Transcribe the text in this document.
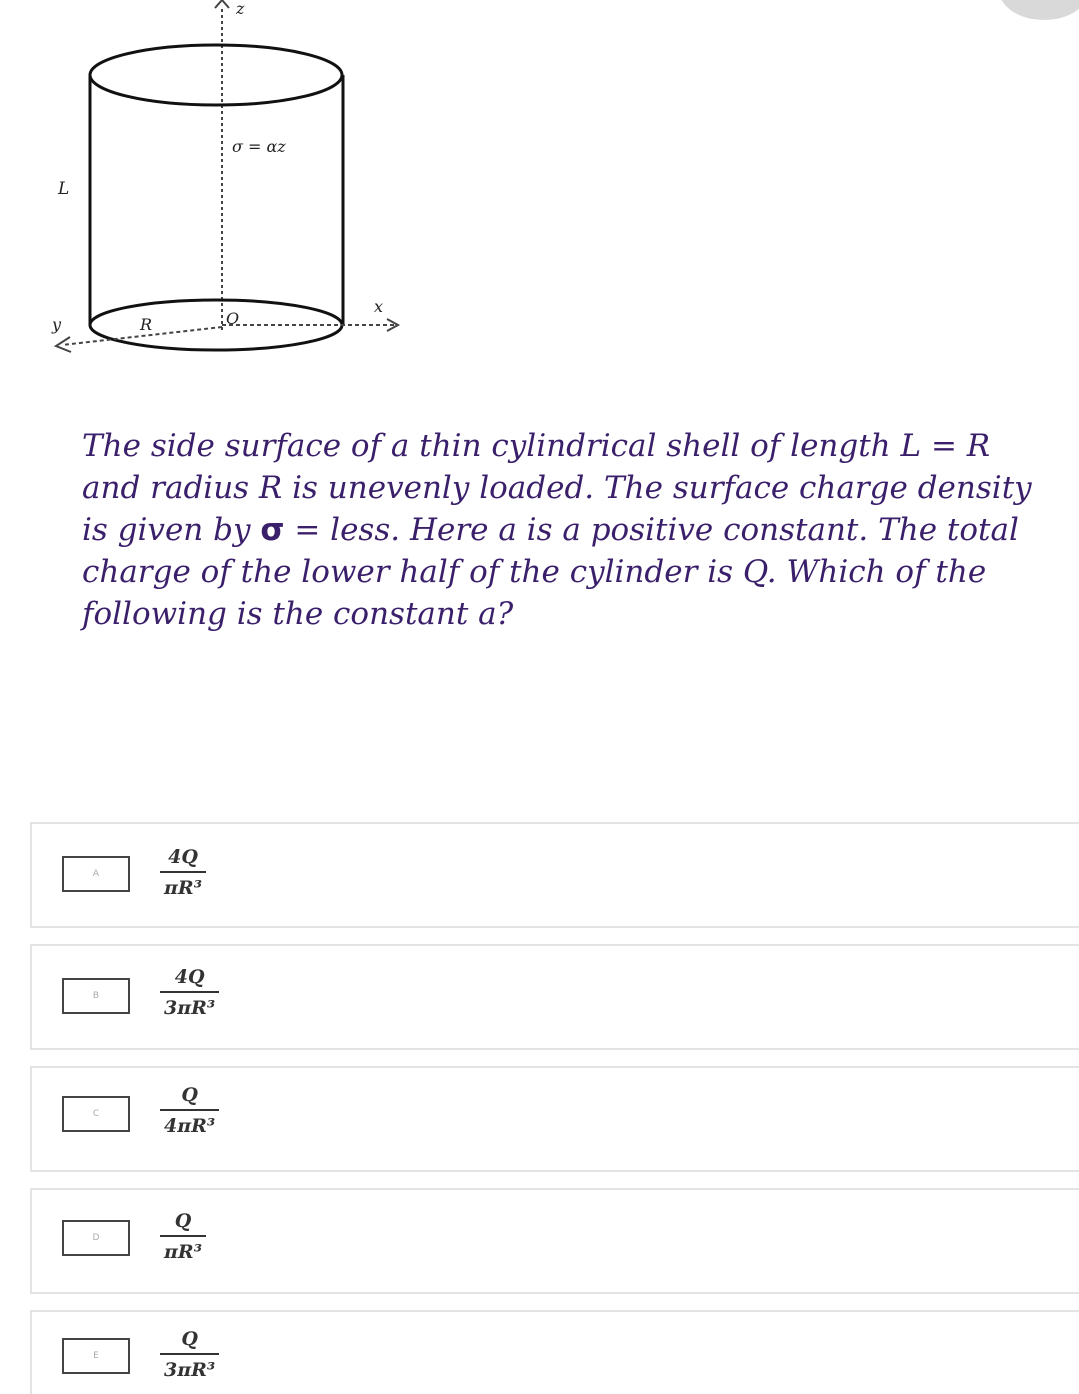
z
x
y
L
R	O
σ = αz
The side surface of a thin cylindrical shell of length L = R and radius R is unevenly loaded. The surface charge density is given by σ = less. Here a is a positive constant. The total charge of the lower half of the cylinder is Q. Which of the following is the constant a?
A
4Q
πR³
B
4Q
3πR³
C
Q
4πR³
D
Q
πR³
E
Q
3πR³
